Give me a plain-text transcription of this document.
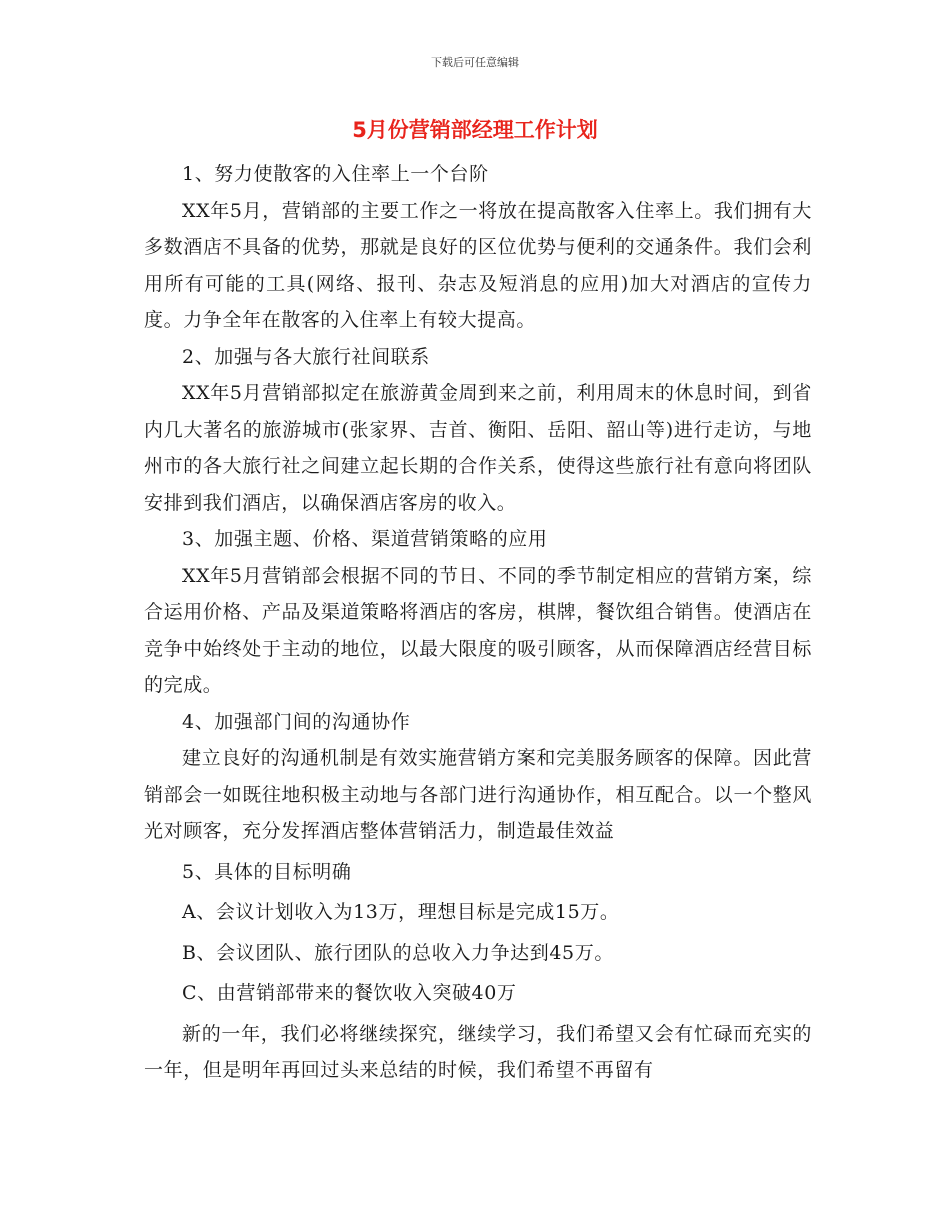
下载后可任意编辑
5月份营销部经理工作计划

1、努力使散客的入住率上一个台阶

XX年5月，营销部的主要工作之一将放在提高散客入住率上。我们拥有大多数酒店不具备的优势，那就是良好的区位优势与便利的交通条件。我们会利用所有可能的工具(网络、报刊、杂志及短消息的应用)加大对酒店的宣传力度。力争全年在散客的入住率上有较大提高。

2、加强与各大旅行社间联系

XX年5月营销部拟定在旅游黄金周到来之前，利用周末的休息时间，到省内几大著名的旅游城市(张家界、吉首、衡阳、岳阳、韶山等)进行走访，与地州市的各大旅行社之间建立起长期的合作关系，使得这些旅行社有意向将团队安排到我们酒店，以确保酒店客房的收入。

3、加强主题、价格、渠道营销策略的应用

XX年5月营销部会根据不同的节日、不同的季节制定相应的营销方案，综合运用价格、产品及渠道策略将酒店的客房，棋牌，餐饮组合销售。使酒店在竞争中始终处于主动的地位，以最大限度的吸引顾客，从而保障酒店经营目标的完成。

4、加强部门间的沟通协作

建立良好的沟通机制是有效实施营销方案和完美服务顾客的保障。因此营销部会一如既往地积极主动地与各部门进行沟通协作，相互配合。以一个整风光对顾客，充分发挥酒店整体营销活力，制造最佳效益

5、具体的目标明确

A、会议计划收入为13万，理想目标是完成15万。

B、会议团队、旅行团队的总收入力争达到45万。

C、由营销部带来的餐饮收入突破40万

新的一年，我们必将继续探究，继续学习，我们希望又会有忙碌而充实的一年，但是明年再回过头来总结的时候，我们希望不再留有
